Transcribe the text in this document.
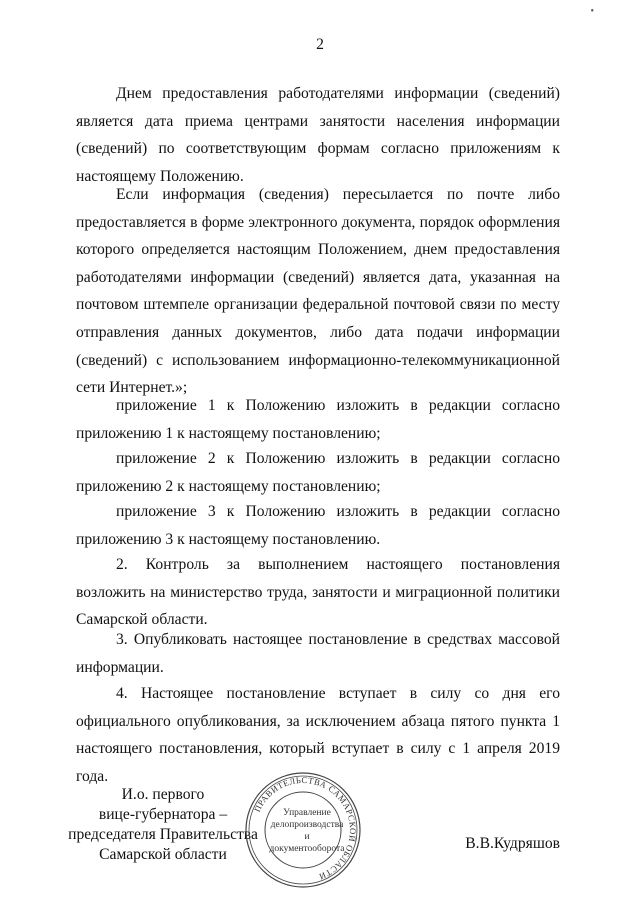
•
2

Днем предоставления работодателями информации (сведений) является дата приема центрами занятости населения информации (сведений) по соответствующим формам согласно приложениям к настоящему Положению.

Если информация (сведения) пересылается по почте либо предоставляется в форме электронного документа, порядок оформления которого определяется настоящим Положением, днем предоставления работодателями информации (сведений) является дата, указанная на почтовом штемпеле организации федеральной почтовой связи по месту отправления данных документов, либо дата подачи информации (сведений) с использованием информационно-телекоммуникационной сети Интернет.»;

приложение 1 к Положению изложить в редакции согласно приложению 1 к настоящему постановлению;

приложение 2 к Положению изложить в редакции согласно приложению 2 к настоящему постановлению;

приложение 3 к Положению изложить в редакции согласно приложению 3 к настоящему постановлению.

2. Контроль за выполнением настоящего постановления возложить на министерство труда, занятости и миграционной политики Самарской области.

3. Опубликовать настоящее постановление в средствах массовой информации.

4. Настоящее постановление вступает в силу со дня его официального опубликования, за исключением абзаца пятого пункта 1 настоящего постановления, который вступает в силу с 1 апреля 2019 года.

И.о. первого
вице-губернатора –
председателя Правительства
Самарской области
ПРАВИТЕЛЬСТВА САМАРСКОЙ ОБЛАСТИ
Управление
делопроизводства
и документооборота	В.В.Кудряшов
